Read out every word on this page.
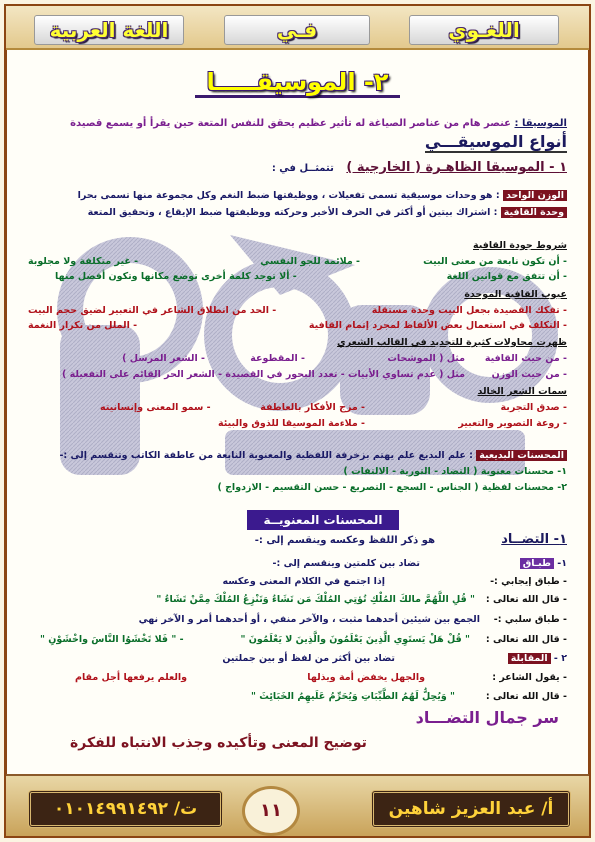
اللغـوي
فـي
اللغة العربية
٢- الموسيقـــــا
الموسيقا : عنصر هام من عناصر الصياغة له تأثير عظيم يحقق للنفس المتعة حين يقرأ أو يسمع قصيدة
أنواع الموسيقـــي
١ - الموسيقا الظاهـرة ( الخارجية ) تتمثــل في :
الوزن الواحد : هو وحدات موسيقية تسمى تفعيلات ، ووظيفتها ضبط النغم وكل مجموعة منها تسمى بحرا
وحدة القافية : اشتراك بيتين أو أكثر في الحرف الأخير وحركته ووظيفتها ضبط الإيقاع ، وتحقيق المتعة
شروط جودة القافية
- أن تكون نابعة من معنى البيت
- ملائمة للجو النفسي
- غير متكلفة ولا مجلوبة
- أن تتفق مع قوانين اللغة
- ألا توجد كلمة أخرى توضع مكانها وتكون أفضل منها
عيوب القافية الموحدة
- تفكك القصيدة بجعل البيت وحدة مستقلة
- الحد من انطلاق الشاعر في التعبير لضيق حجم البيت
- التكلف في استعمال بعض الألفاظ لمجرد إتمام القافية
- الملل من تكرار النغمة
ظهرت محاولات كثيرة للتجديد في القالب الشعري
- من حيث القافية
مثل ( الموشحات
- المقطوعة
- الشعر المرسل )
- من حيث الوزن
مثل ( عدم تساوي الأبيات - تعدد البحور في القصيدة - الشعر الحر القائم على التفعيلة )
سمات الشعر الخالد
- صدق التجربة
- مزج الأفكار بالعاطفة
- سمو المعنى وإنسانيته
- روعة التصوير والتعبير
- ملاءمة الموسيقا للذوق والبيئة
المحسنات البديعية : علم البديع علم يهتم بزخرفة اللفظية والمعنوية النابعة من عاطفة الكاتب وتنقسم إلى :-
١- محسنات معنوية ( التضاد - التورية - الالتفات )
٢- محسنات لفظية ( الجناس - السجع - التصريع - حسن التقسيم - الازدواج )
المحسنات المعنويــة
١- التضــاد
هو ذكر اللفظ وعكسه وينقسم إلى :-
١- طبـاق
تضاد بين كلمتين وينقسم إلى :-
- طباق إيجابي :-
إذا اجتمع في الكلام المعنى وعكسه
- قال الله تعالى :
" قُلِ اللَّهُمَّ مالكَ المُلْكِ تُؤتِي المُلْكَ مَن تَشَاءُ وَتَنْزِعُ المُلْكَ مِمَّنْ تَشَاءُ "
- طباق سلبي :-
الجمع بين شيئين أحدهما مثبت ، والآخر منفي ، أو أحدهما أمر و الآخر نهي
- قال الله تعالى :
" قُلْ هَلْ يَستَوِي الَّذِينَ يَعْلَمُونَ والَّذِينَ لا يَعْلَمُونَ "
- " فَلا تَخْشَوُا النَّاسَ واخْشَوْنِ "
٢ - المقابلة
تضاد بين أكثر من لفظ أو بين جملتين
- يقول الشاعر :
والجهل يخفض أمة ويذلها
والعلم يرفعها أجل مقام
- قال الله تعالى :
" وَيُحِلُّ لَهُمُ الطَّيِّبَاتِ وَيُحَرِّمُ عَلَيهِمُ الخَبَائِثَ "
سر جمال التضـــاد
توضيح المعنى وتأكيده وجذب الانتباه للفكرة
أ/ عبد العزيز شاهين
١١
ت/ ٠١٠١٤٩٩١٤٩٢
